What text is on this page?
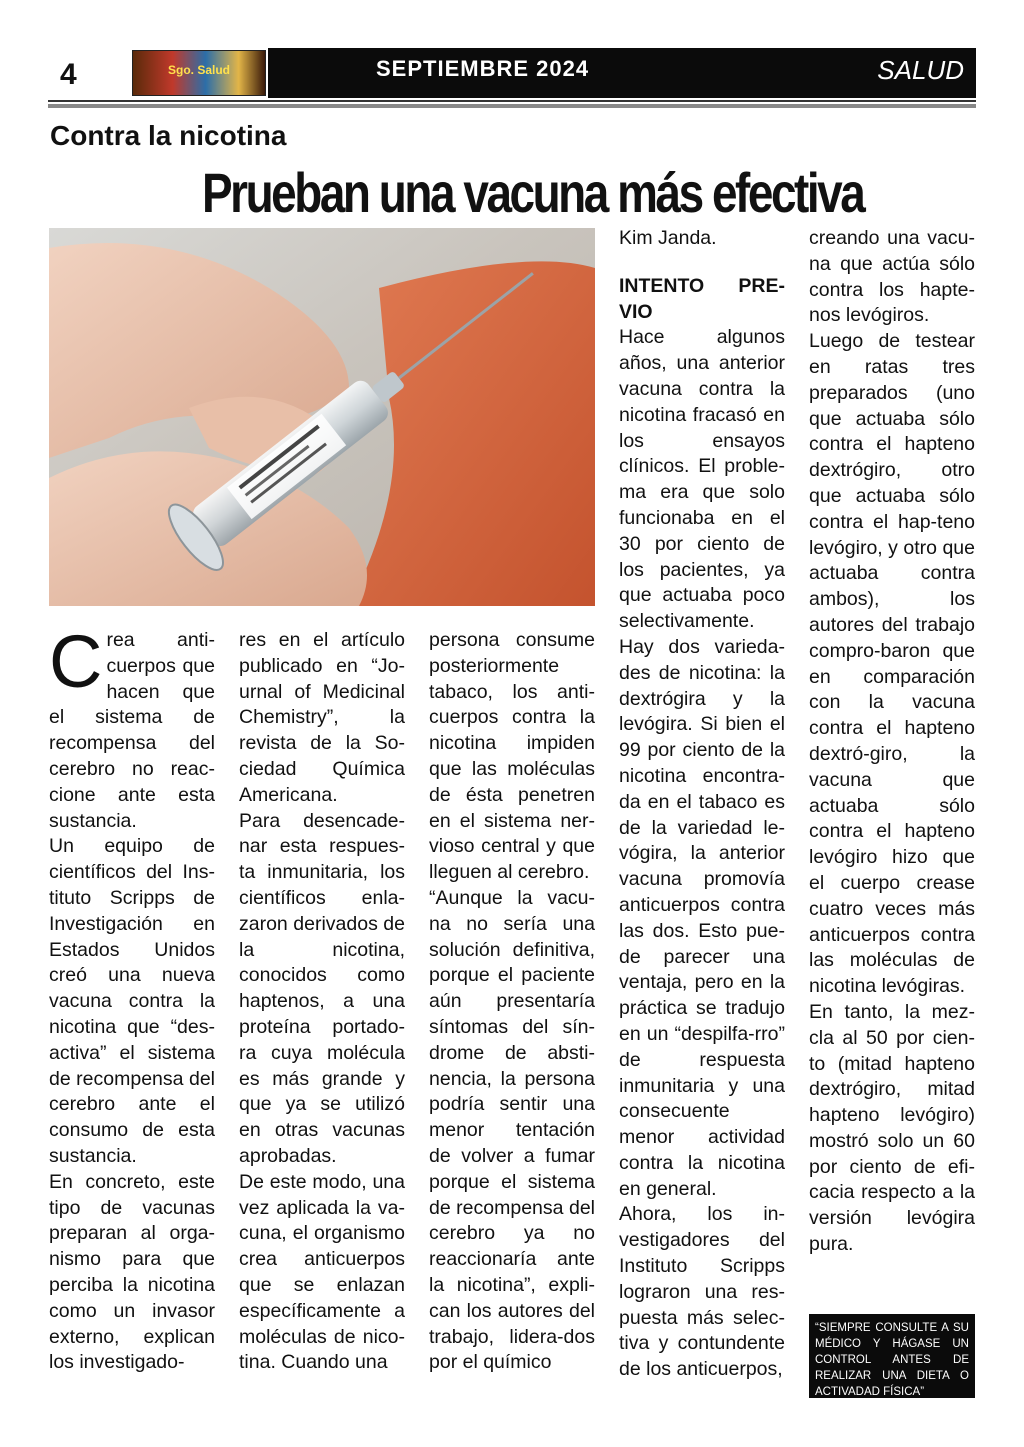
4	Sgo. Salud	SEPTIEMBRE 2024	SALUD
Contra la nicotina
Prueban una vacuna más efectiva

Crea anti-cuerpos que hacen que el sistema de recompensa del cerebro no reac-cione ante esta sustancia.

Un equipo de científicos del Ins-tituto Scripps de Investigación en Estados Unidos creó una nueva vacuna contra la nicotina que “des-activa” el sistema de recompensa del cerebro ante el consumo de esta sustancia.

En concreto, este tipo de vacunas preparan al orga-nismo para que perciba la nicotina como un invasor externo, explican los investigado-

res en el artículo publicado en “Jo-urnal of Medicinal Chemistry”, la revista de la So-ciedad Química Americana.

Para desencade-nar esta respues-ta inmunitaria, los científicos enla-zaron derivados de la nicotina, conocidos como haptenos, a una proteína portado-ra cuya molécula es más grande y que ya se utilizó en otras vacunas aprobadas.

De este modo, una vez aplicada la va-cuna, el organismo crea anticuerpos que se enlazan específicamente a moléculas de nico-tina. Cuando una

persona consume posteriormente tabaco, los anti-cuerpos contra la nicotina impiden que las moléculas de ésta penetren en el sistema ner-vioso central y que lleguen al cerebro.

“Aunque la vacu-na no sería una solución definitiva, porque el paciente aún presentaría síntomas del sín-drome de absti-nencia, la persona podría sentir una menor tentación de volver a fumar porque el sistema de recompensa del cerebro ya no reaccionaría ante la nicotina”, expli-can los autores del trabajo, lidera-dos por el químico

Kim Janda.

INTENTO PRE-VIO

Hace algunos años, una anterior vacuna contra la nicotina fracasó en los ensayos clínicos. El proble-ma era que solo funcionaba en el 30 por ciento de los pacientes, ya que actuaba poco selectivamente.

Hay dos varieda-des de nicotina: la dextrógira y la levógira. Si bien el 99 por ciento de la nicotina encontra-da en el tabaco es de la variedad le-vógira, la anterior vacuna promovía anticuerpos contra las dos. Esto pue-de parecer una ventaja, pero en la práctica se tradujo en un “despilfa-rro” de respuesta inmunitaria y una consecuente menor actividad contra la nicotina en general.

Ahora, los in-vestigadores del Instituto Scripps lograron una res-puesta más selec-tiva y contundente de los anticuerpos,

creando una vacu-na que actúa sólo contra los hapte-nos levógiros.

Luego de testear en ratas tres preparados (uno que actuaba sólo contra el hapteno dextrógiro, otro que actuaba sólo contra el hap-teno levógiro, y otro que actuaba contra ambos), los autores del trabajo compro-baron que en comparación con la vacuna contra el hapteno dextró-giro, la vacuna que actuaba sólo contra el hapteno levógiro hizo que el cuerpo crease cuatro veces más anticuerpos contra las moléculas de nicotina levógiras.

En tanto, la mez-cla al 50 por cien-to (mitad hapteno dextrógiro, mitad hapteno levógiro) mostró solo un 60 por ciento de efi-cacia respecto a la versión levógira pura.

“SIEMPRE CONSULTE A SU MÉDICO Y HÁGASE UN CONTROL ANTES DE REALIZAR UNA DIETA O ACTIVADAD FÍSICA”
